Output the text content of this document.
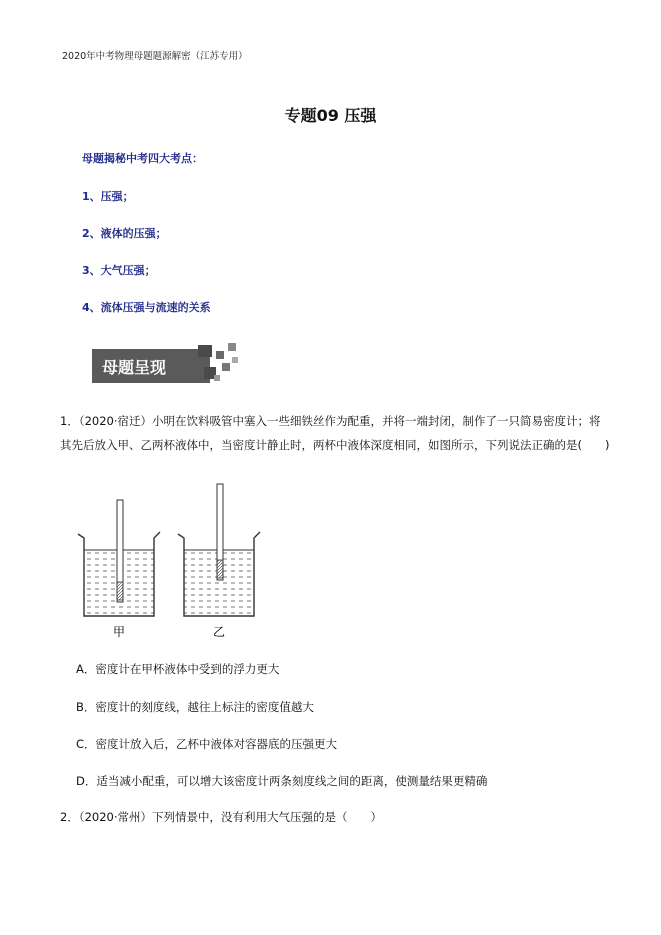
2020年中考物理母题题源解密（江苏专用）
专题09 压强
母题揭秘中考四大考点：
1、压强；
2、液体的压强；
3、大气压强；
4、流体压强与流速的关系
母题呈现
1．（2020·宿迁）小明在饮料吸管中塞入一些细铁丝作为配重，并将一端封闭，制作了一只简易密度计；将
其先后放入甲、乙两杯液体中，当密度计静止时，两杯中液体深度相同，如图所示，下列说法正确的是(　　)
甲	乙
A．密度计在甲杯液体中受到的浮力更大
B．密度计的刻度线，越往上标注的密度值越大
C．密度计放入后，乙杯中液体对容器底的压强更大
D．适当减小配重，可以增大该密度计两条刻度线之间的距离，使测量结果更精确
2．（2020·常州）下列情景中，没有利用大气压强的是（　　）
